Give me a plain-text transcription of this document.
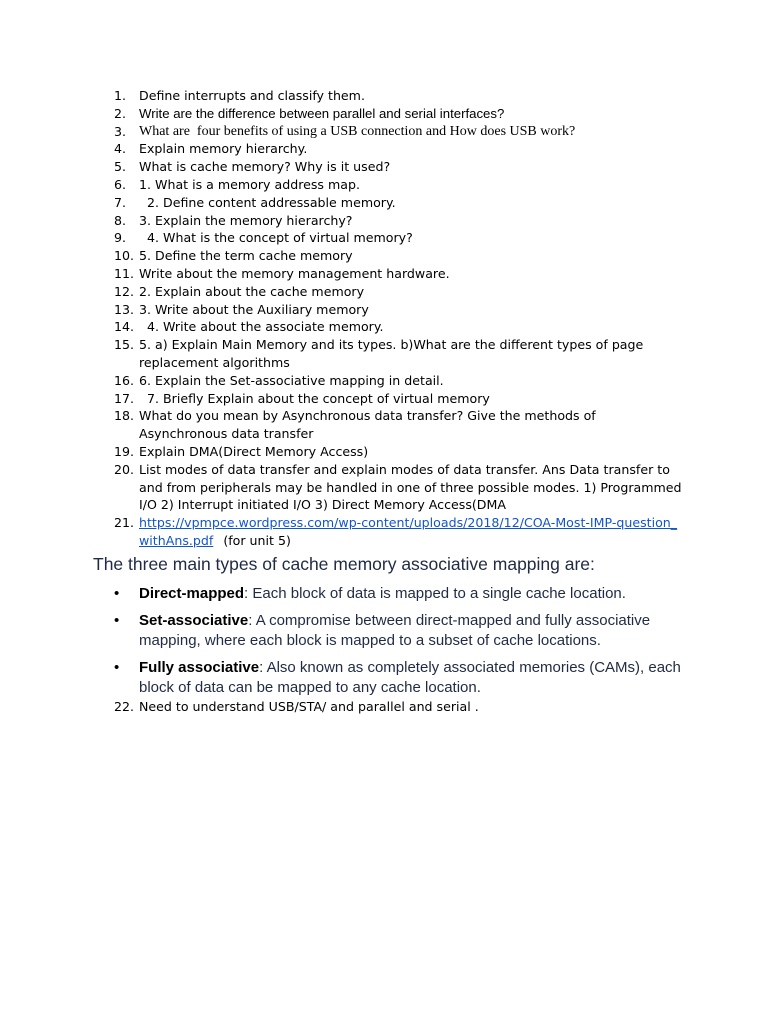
1.	Define interrupts and classify them.
2. Write are the difference between parallel and serial interfaces?
3. What are  four benefits of using a USB connection and How does USB work?
4.	Explain memory hierarchy.
5.	What is cache memory? Why is it used?
6.	1. What is a memory address map.
7.	2. Define content addressable memory.
8.	3. Explain the memory hierarchy?
9.	4. What is the concept of virtual memory?
10. 5. Define the term cache memory
11. Write about the memory management hardware.
12. 2. Explain about the cache memory
13. 3. Write about the Auxiliary memory
14. 4. Write about the associate memory.
15. 5. a) Explain Main Memory and its types. b)What are the different types of page replacement algorithms
16. 6. Explain the Set-associative mapping in detail.
17. 7. Briefly Explain about the concept of virtual memory
18. What do you mean by Asynchronous data transfer? Give the methods of Asynchronous data transfer
19. Explain DMA(Direct Memory Access)
20. List modes of data transfer and explain modes of data transfer. Ans Data transfer to and from peripherals may be handled in one of three possible modes. 1) Programmed I/O 2) Interrupt initiated I/O 3) Direct Memory Access(DMA
21. https://vpmpce.wordpress.com/wp-content/uploads/2018/12/COA-Most-IMP-question_withAns.pdf (for unit 5)
The three main types of cache memory associative mapping are:
•	Direct-mapped: Each block of data is mapped to a single cache location.
•	Set-associative: A compromise between direct-mapped and fully associative mapping, where each block is mapped to a subset of cache locations.
•	Fully associative: Also known as completely associated memories (CAMs), each block of data can be mapped to any cache location.
22. Need to understand USB/STA/ and parallel and serial .
